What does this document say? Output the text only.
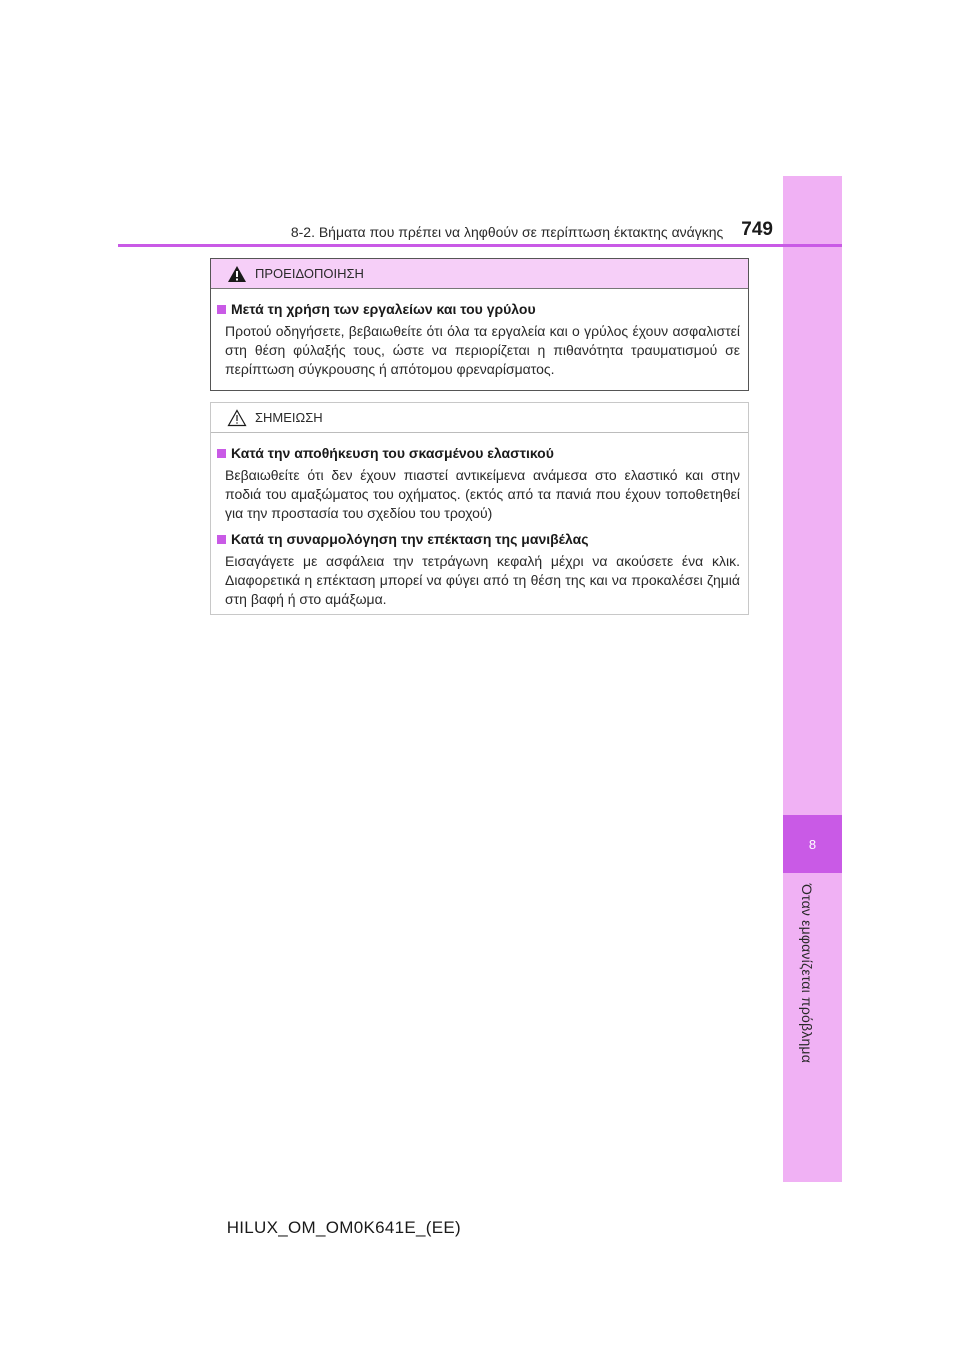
8
Όταν εμφανίζεται πρόβλημα
8-2. Βήματα που πρέπει να ληφθούν σε περίπτωση έκτακτης ανάγκης 749
ΠΡΟΕΙΔΟΠΟΙΗΣΗ
Μετά τη χρήση των εργαλείων και του γρύλου
Προτού οδηγήσετε, βεβαιωθείτε ότι όλα τα εργαλεία και ο γρύλος έχουν ασφαλιστεί στη θέση φύλαξής τους, ώστε να περιορίζεται η πιθανότητα τραυματισμού σε περίπτωση σύγκρουσης ή απότομου φρεναρίσματος.
ΣΗΜΕΙΩΣΗ
Κατά την αποθήκευση του σκασμένου ελαστικού
Βεβαιωθείτε ότι δεν έχουν πιαστεί αντικείμενα ανάμεσα στο ελαστικό και στην ποδιά του αμαξώματος του οχήματος. (εκτός από τα πανιά που έχουν τοποθετηθεί για την προστασία του σχεδίου του τροχού)
Κατά τη συναρμολόγηση την επέκταση της μανιβέλας
Εισαγάγετε με ασφάλεια την τετράγωνη κεφαλή μέχρι να ακούσετε ένα κλικ. Διαφορετικά η επέκταση μπορεί να φύγει από τη θέση της και να προκαλέσει ζημιά στη βαφή ή στο αμάξωμα.
HILUX_OM_OM0K641E_(EE)
